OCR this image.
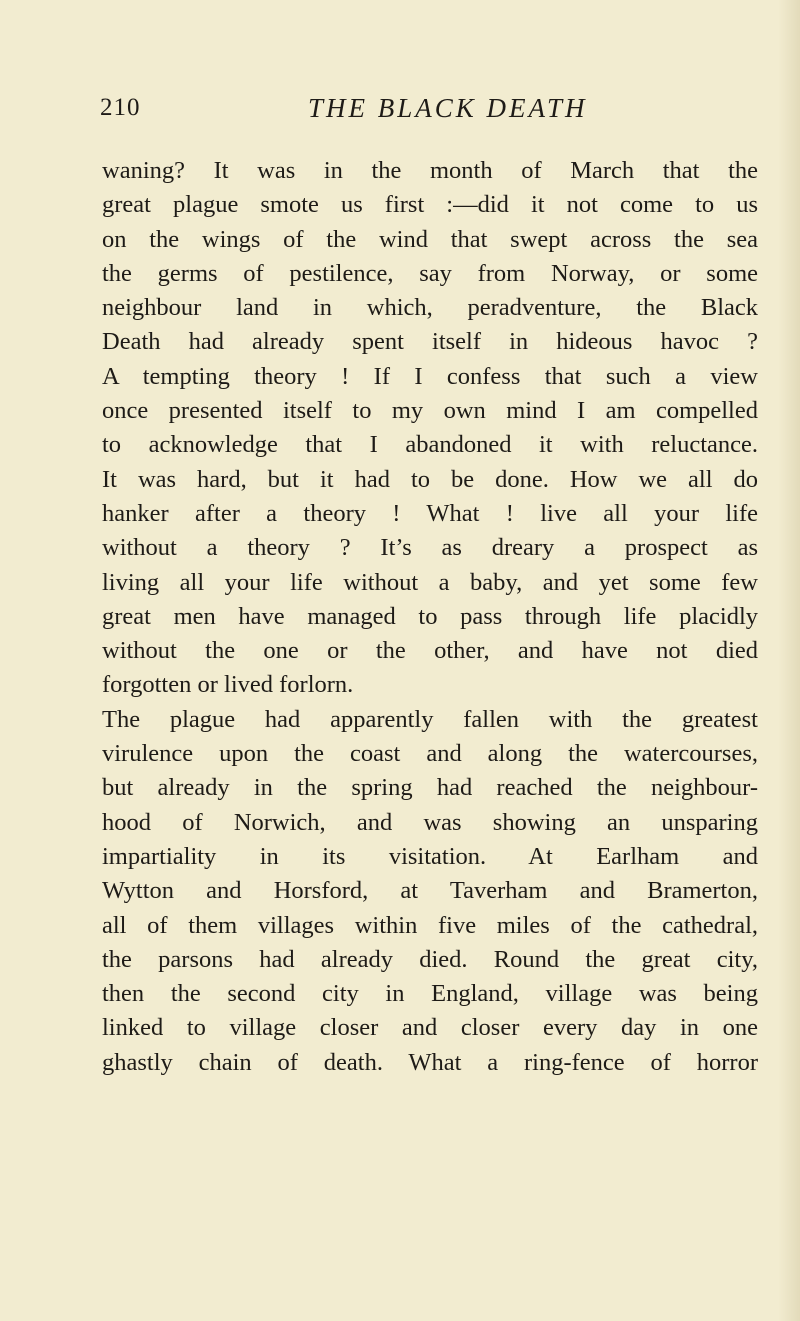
210	THE BLACK DEATH
waning? It was in the month of March that the
great plague smote us first :—did it not come to us
on the wings of the wind that swept across the sea
the germs of pestilence, say from Norway, or some
neighbour land in which, peradventure, the Black
Death had already spent itself in hideous havoc ?
A tempting theory ! If I confess that such a view
once presented itself to my own mind I am compelled
to acknowledge that I abandoned it with reluctance.
It was hard, but it had to be done. How we all do
hanker after a theory ! What ! live all your life
without a theory ? It’s as dreary a prospect as
living all your life without a baby, and yet some few
great men have managed to pass through life placidly
without the one or the other, and have not died
forgotten or lived forlorn.
The plague had apparently fallen with the greatest
virulence upon the coast and along the watercourses,
but already in the spring had reached the neighbour-
hood of Norwich, and was showing an unsparing
impartiality in its visitation. At Earlham and
Wytton and Horsford, at Taverham and Bramerton,
all of them villages within five miles of the cathedral,
the parsons had already died. Round the great city,
then the second city in England, village was being
linked to village closer and closer every day in one
ghastly chain of death. What a ring-fence of horror
